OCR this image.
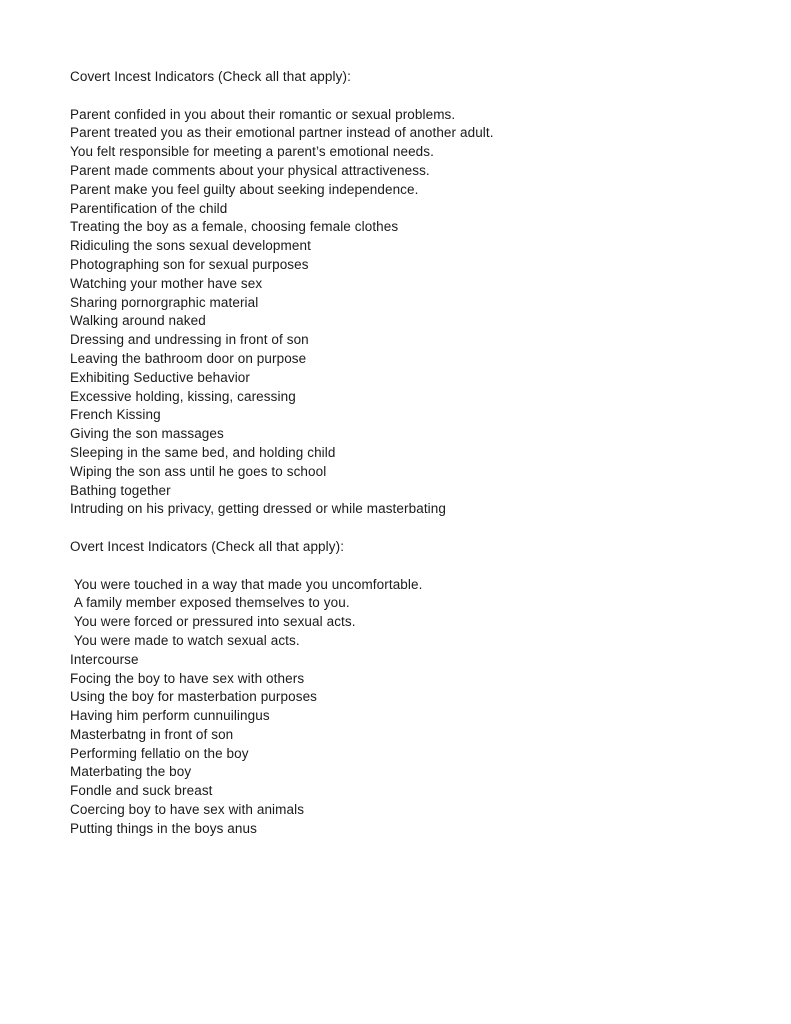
Covert Incest Indicators (Check all that apply):
Parent confided in you about their romantic or sexual problems.
Parent treated you as their emotional partner instead of another adult.
You felt responsible for meeting a parent’s emotional needs.
Parent made comments about your physical attractiveness.
Parent make you feel guilty about seeking independence.
Parentification of the child
Treating the boy as a female, choosing female clothes
Ridiculing the sons sexual development
Photographing son for sexual purposes
Watching your mother have sex
Sharing pornorgraphic material
Walking around naked
Dressing and undressing in front of son
Leaving the bathroom door on purpose
Exhibiting Seductive behavior
Excessive holding, kissing, caressing
French Kissing
Giving the son massages
Sleeping in the same bed, and holding child
Wiping the son ass until he goes to school
Bathing together
Intruding on his privacy, getting dressed or while masterbating
Overt Incest Indicators (Check all that apply):
You were touched in a way that made you uncomfortable.
A family member exposed themselves to you.
You were forced or pressured into sexual acts.
You were made to watch sexual acts.
Intercourse
Focing the boy to have sex with others
Using the boy for masterbation purposes
Having him perform cunnuilingus
Masterbatng in front of son
Performing fellatio on the boy
Materbating the boy
Fondle and suck breast
Coercing boy to have sex with animals
Putting things in the boys anus
